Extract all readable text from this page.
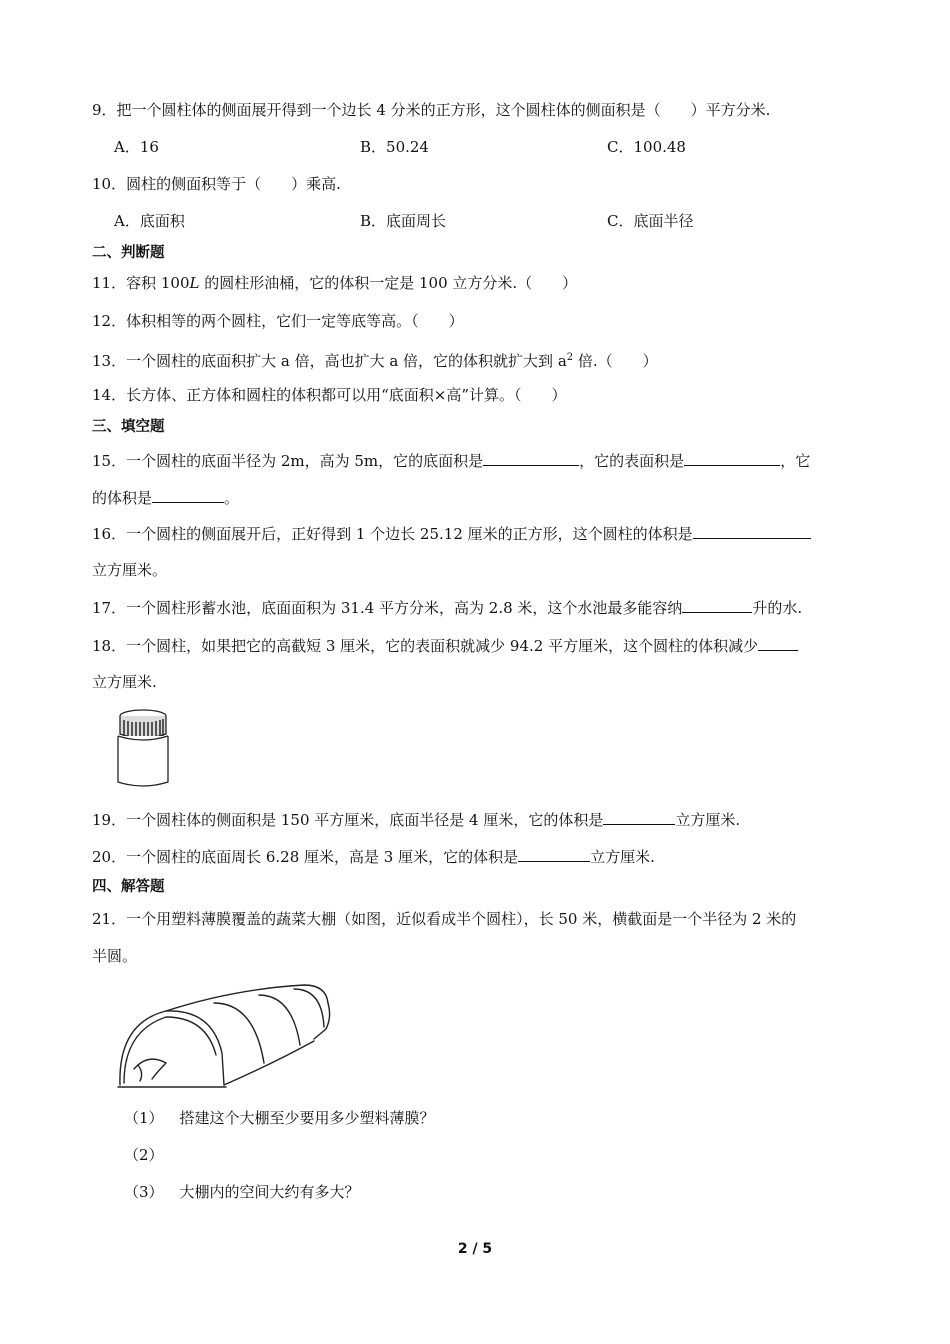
9．把一个圆柱体的侧面展开得到一个边长 4 分米的正方形，这个圆柱体的侧面积是（　　）平方分米.
A．16	B．50.24	C．100.48
10．圆柱的侧面积等于（　　）乘高.
A．底面积	B．底面周长	C．底面半径
二、判断题
11．容积 100L 的圆柱形油桶，它的体积一定是 100 立方分米.（　　）
12．体积相等的两个圆柱，它们一定等底等高。（　　）
13．一个圆柱的底面积扩大 a 倍，高也扩大 a 倍，它的体积就扩大到 $a^2$ 倍.（　　）
14．长方体、正方体和圆柱的体积都可以用“底面积×高”计算。（　　）
三、填空题
15．一个圆柱的底面半径为 2m，高为 5m，它的底面积是	，它的表面积是	，它
的体积是	。
16．一个圆柱的侧面展开后，正好得到 1 个边长 25.12 厘米的正方形，这个圆柱的体积是
立方厘米。
17．一个圆柱形蓄水池，底面面积为 31.4 平方分米，高为 2.8 米，这个水池最多能容纳	升的水.
18．一个圆柱，如果把它的高截短 3 厘米，它的表面积就减少 94.2 平方厘米，这个圆柱的体积减少
立方厘米.
19．一个圆柱体的侧面积是 150 平方厘米，底面半径是 4 厘米，它的体积是	立方厘米.
20．一个圆柱的底面周长 6.28 厘米，高是 3 厘米，它的体积是	立方厘米.
四、解答题
21．一个用塑料薄膜覆盖的蔬菜大棚（如图，近似看成半个圆柱），长 50 米，横截面是一个半径为 2 米的
半圆。
（1） 搭建这个大棚至少要用多少塑料薄膜？
（2）
（3） 大棚内的空间大约有多大？
2 / 5
